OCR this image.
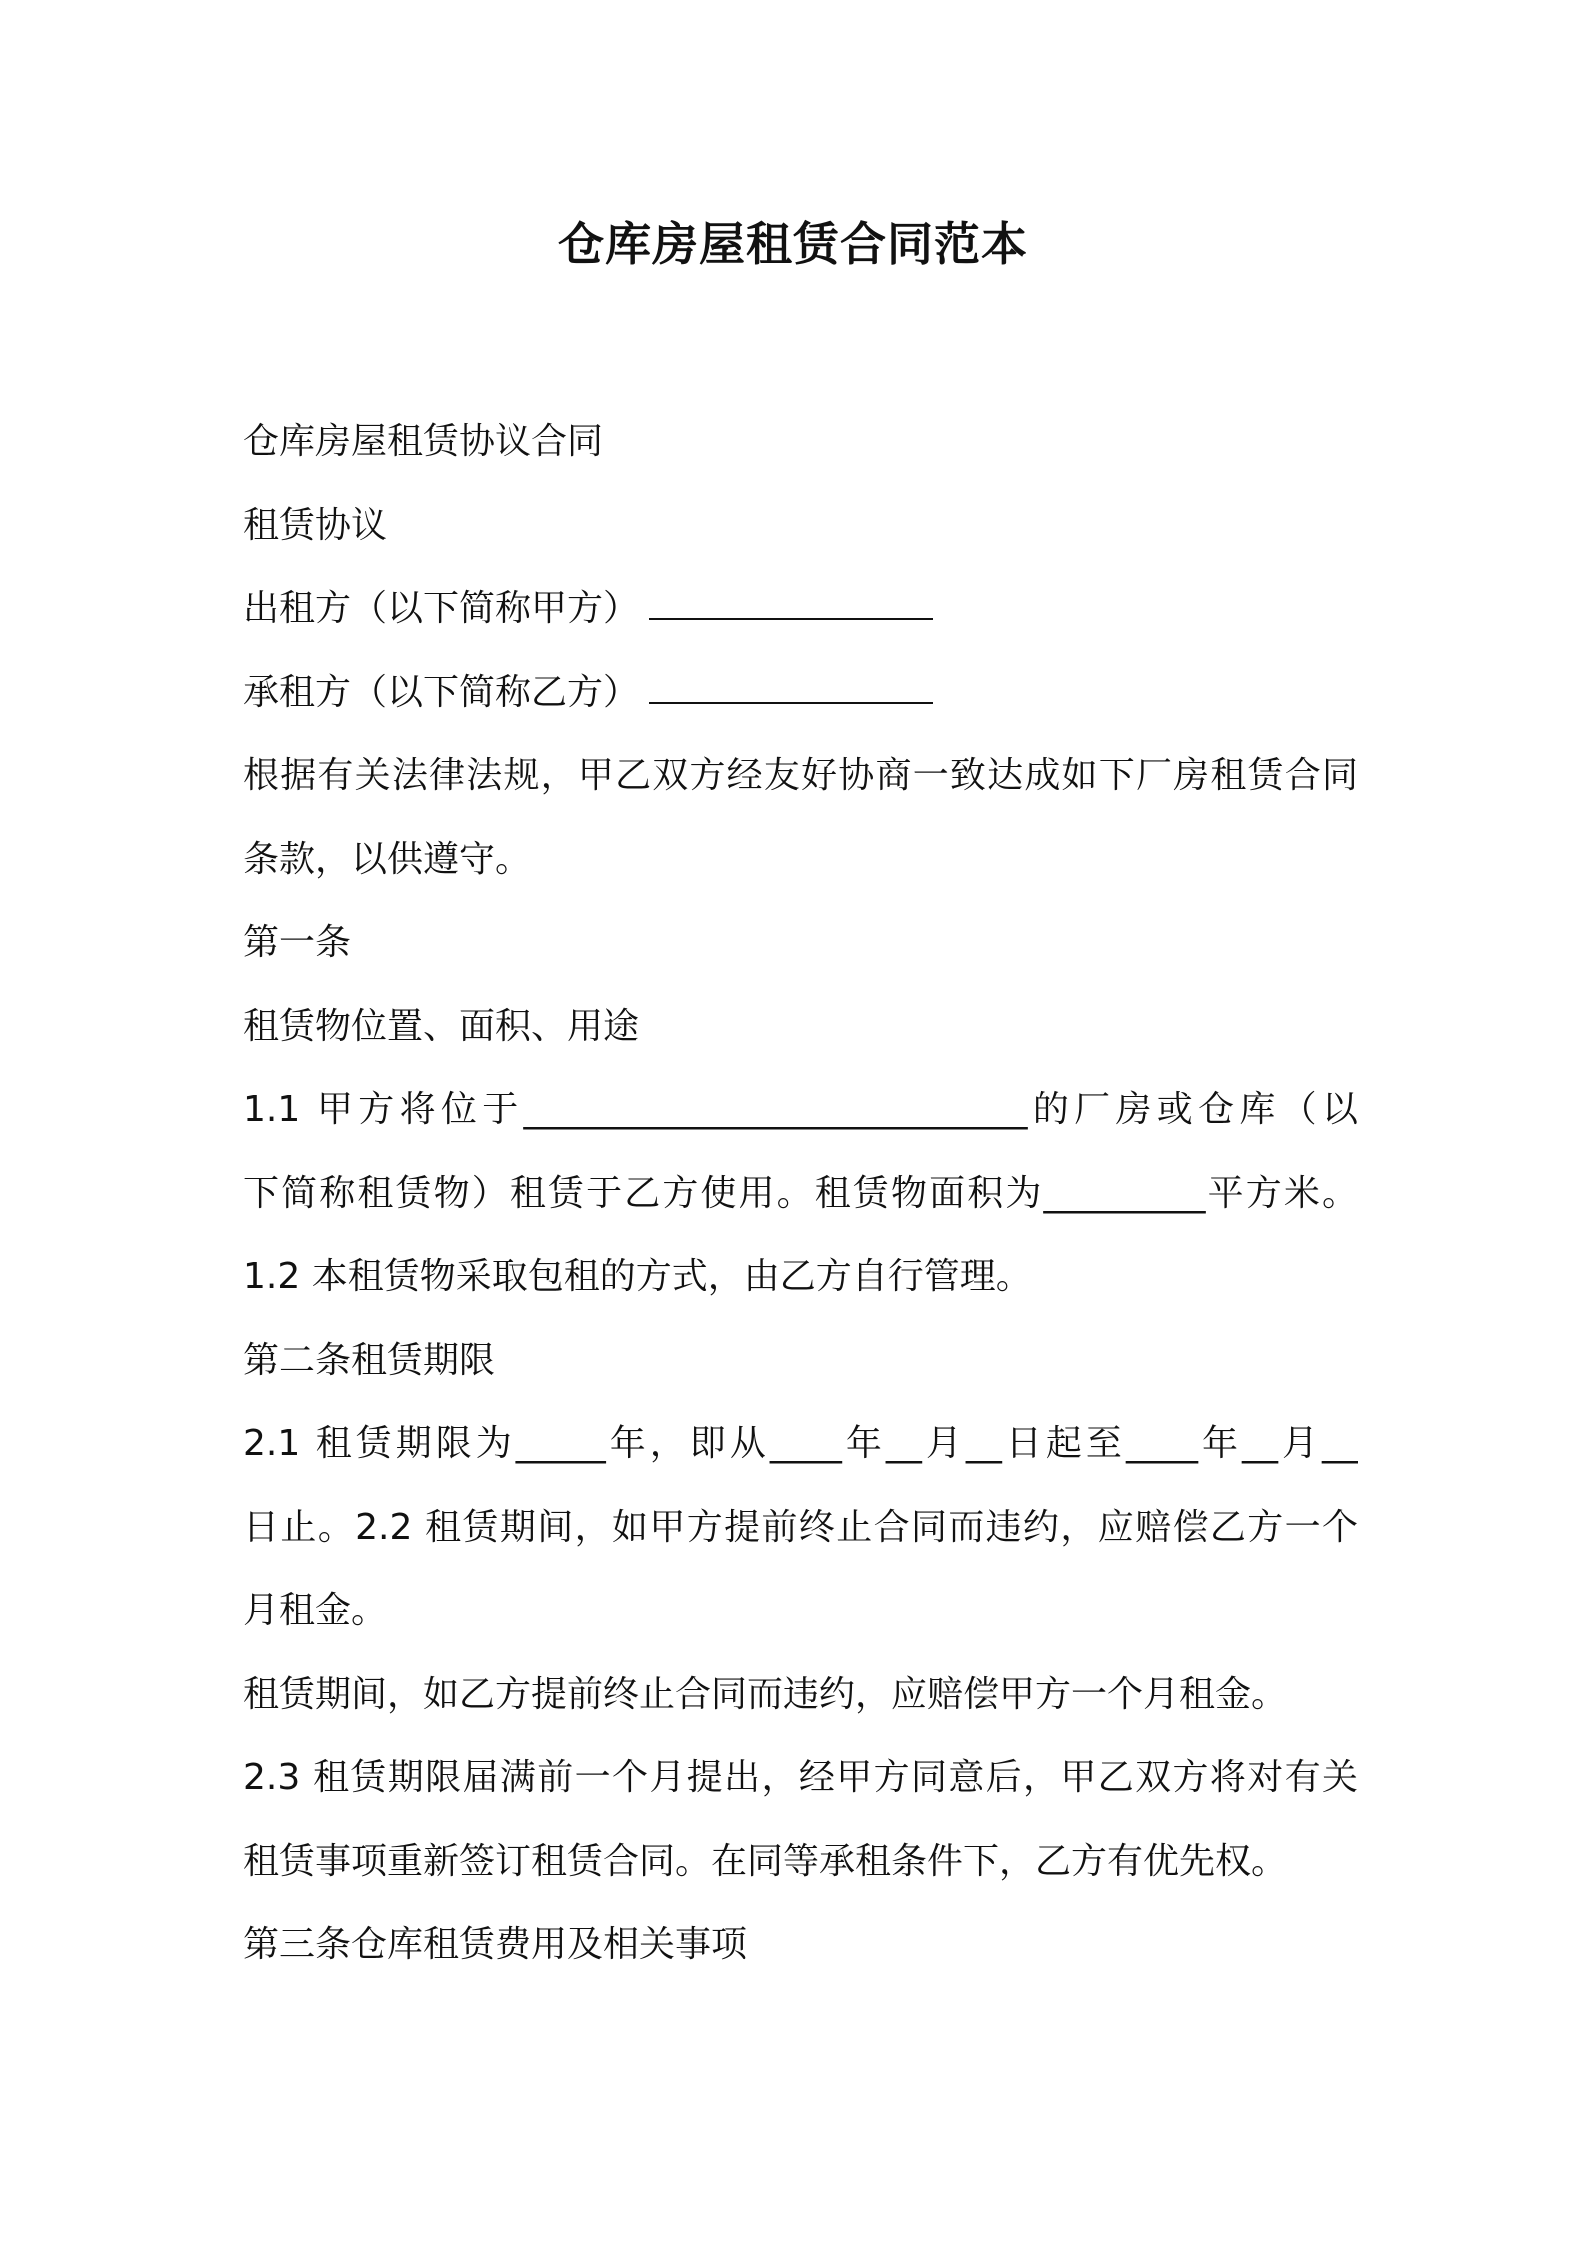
仓库房屋租赁合同范本
仓库房屋租赁协议合同
租赁协议
出租方（以下简称甲方）
承租方（以下简称乙方）
根据有关法律法规，甲乙双方经友好协商一致达成如下厂房租赁合同
条款，以供遵守。
第一条
租赁物位置、面积、用途
1.1 甲方将位于____________________________的厂房或仓库（以
下简称租赁物）租赁于乙方使用。租赁物面积为_________平方米。
1.2 本租赁物采取包租的方式，由乙方自行管理。
第二条租赁期限
2.1 租赁期限为_____年，即从____年__月__日起至____年__月__
日止。2.2 租赁期间，如甲方提前终止合同而违约，应赔偿乙方一个
月租金。
租赁期间，如乙方提前终止合同而违约，应赔偿甲方一个月租金。
2.3 租赁期限届满前一个月提出，经甲方同意后，甲乙双方将对有关
租赁事项重新签订租赁合同。在同等承租条件下，乙方有优先权。
第三条仓库租赁费用及相关事项
